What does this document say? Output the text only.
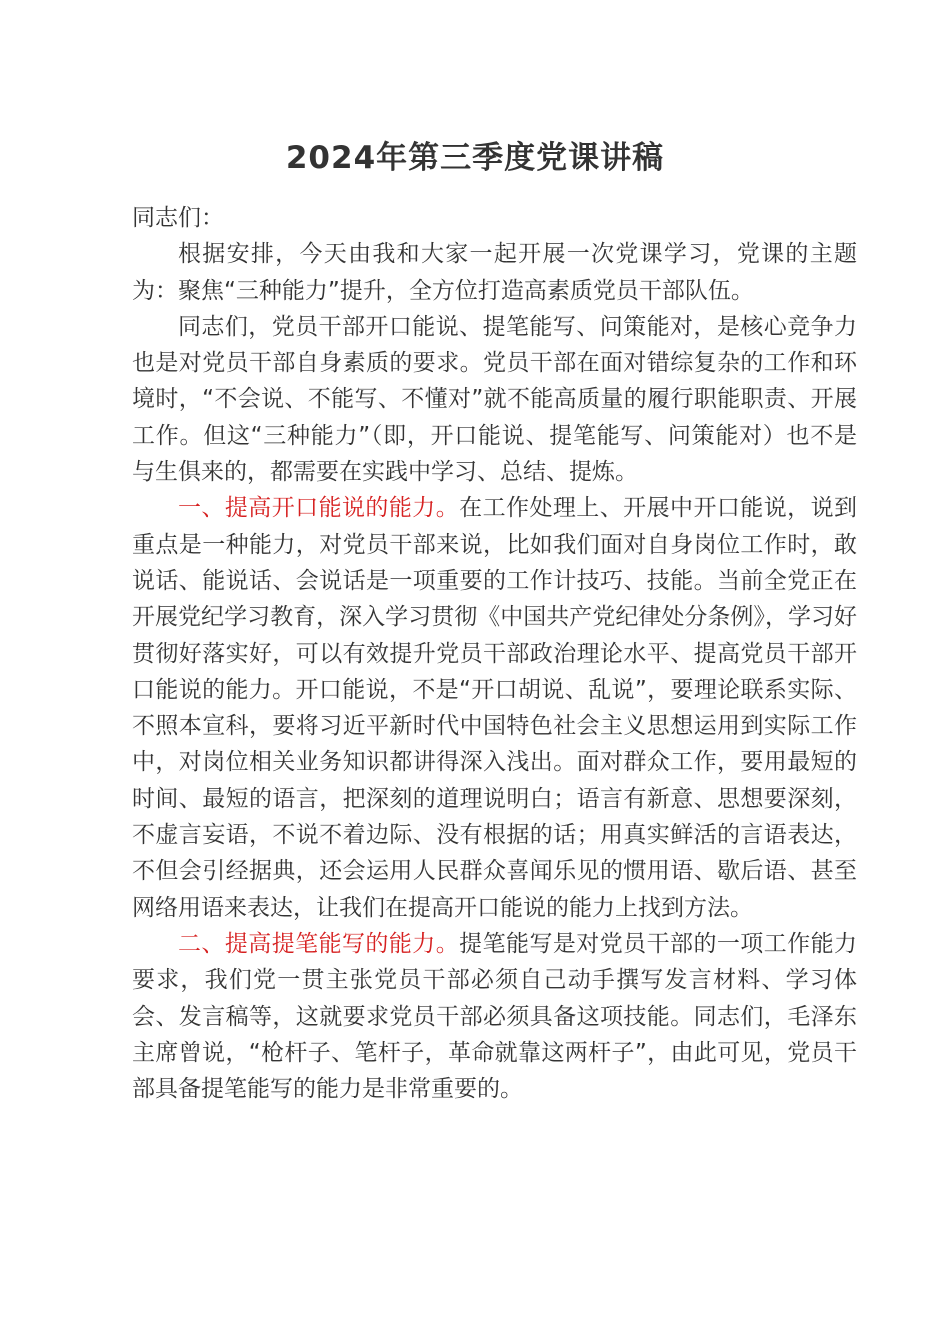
2024年第三季度党课讲稿

同志们：

根据安排，今天由我和大家一起开展一次党课学习，党课的主题为：聚焦“三种能力”提升，全方位打造高素质党员干部队伍。

同志们，党员干部开口能说、提笔能写、问策能对，是核心竞争力也是对党员干部自身素质的要求。党员干部在面对错综复杂的工作和环境时，“不会说、不能写、不懂对”就不能高质量的履行职能职责、开展工作。但这“三种能力”（即，开口能说、提笔能写、问策能对）也不是与生俱来的，都需要在实践中学习、总结、提炼。

一、提高开口能说的能力。在工作处理上、开展中开口能说，说到重点是一种能力，对党员干部来说，比如我们面对自身岗位工作时，敢说话、能说话、会说话是一项重要的工作计技巧、技能。当前全党正在开展党纪学习教育，深入学习贯彻《中国共产党纪律处分条例》，学习好贯彻好落实好，可以有效提升党员干部政治理论水平、提高党员干部开口能说的能力。开口能说，不是“开口胡说、乱说”，要理论联系实际、不照本宣科，要将习近平新时代中国特色社会主义思想运用到实际工作中，对岗位相关业务知识都讲得深入浅出。面对群众工作，要用最短的时间、最短的语言，把深刻的道理说明白；语言有新意、思想要深刻，不虚言妄语，不说不着边际、没有根据的话；用真实鲜活的言语表达，不但会引经据典，还会运用人民群众喜闻乐见的惯用语、歇后语、甚至网络用语来表达，让我们在提高开口能说的能力上找到方法。

二、提高提笔能写的能力。提笔能写是对党员干部的一项工作能力要求，我们党一贯主张党员干部必须自己动手撰写发言材料、学习体会、发言稿等，这就要求党员干部必须具备这项技能。同志们，毛泽东主席曾说，“枪杆子、笔杆子，革命就靠这两杆子”，由此可见，党员干部具备提笔能写的能力是非常重要的。
